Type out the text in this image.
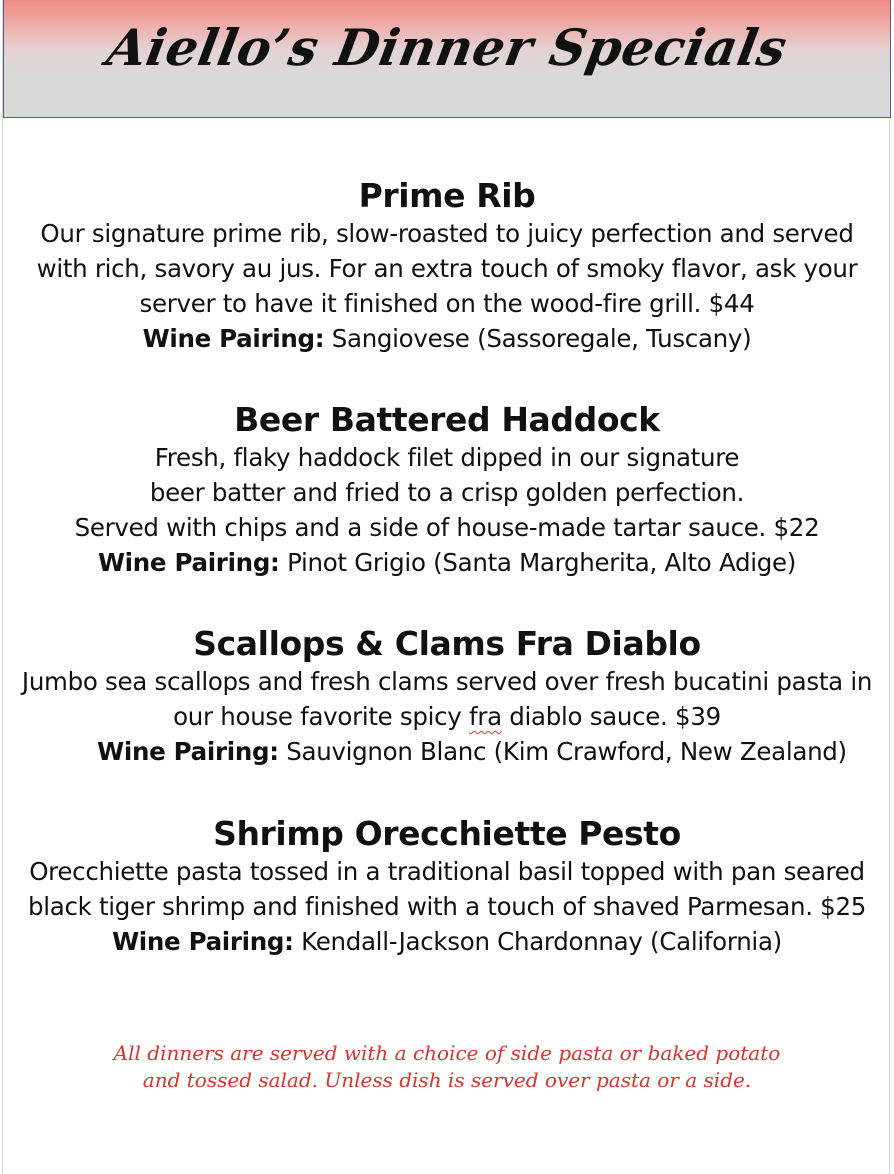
Aiello’s Dinner Specials
Prime Rib
Our signature prime rib, slow-roasted to juicy perfection and served
with rich, savory au jus. For an extra touch of smoky flavor, ask your
server to have it finished on the wood-fire grill. $44
Wine Pairing: Sangiovese (Sassoregale, Tuscany)
Beer Battered Haddock
Fresh, flaky haddock filet dipped in our signature
beer batter and fried to a crisp golden perfection.
Served with chips and a side of house-made tartar sauce. $22
Wine Pairing: Pinot Grigio (Santa Margherita, Alto Adige)
Scallops & Clams Fra Diablo
Jumbo sea scallops and fresh clams served over fresh bucatini pasta in
our house favorite spicy fra diablo sauce. $39
Wine Pairing: Sauvignon Blanc (Kim Crawford, New Zealand)
Shrimp Orecchiette Pesto
Orecchiette pasta tossed in a traditional basil topped with pan seared
black tiger shrimp and finished with a touch of shaved Parmesan. $25
Wine Pairing: Kendall-Jackson Chardonnay (California)
All dinners are served with a choice of side pasta or baked potato
and tossed salad. Unless dish is served over pasta or a side.
